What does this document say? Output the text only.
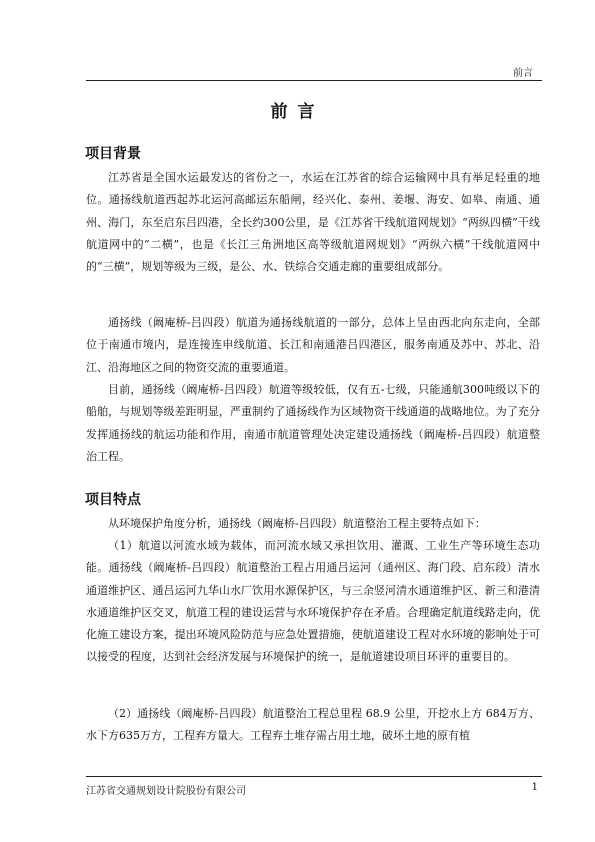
前言
前言
项目背景

江苏省是全国水运最发达的省份之一，水运在江苏省的综合运输网中具有举足轻重的地位。通扬线航道西起苏北运河高邮运东船闸，经兴化、泰州、姜堰、海安、如皋、南通、通州、海门，东至启东吕四港，全长约300公里，是《江苏省干线航道网规划》“两纵四横”干线航道网中的“二横”，也是《长江三角洲地区高等级航道网规划》“两纵六横”干线航道网中的“三横”，规划等级为三级，是公、水、铁综合交通走廊的重要组成部分。

通扬线（阚庵桥-吕四段）航道为通扬线航道的一部分，总体上呈由西北向东走向，全部位于南通市境内，是连接连申线航道、长江和南通港吕四港区，服务南通及苏中、苏北、沿江、沿海地区之间的物资交流的重要通道。

目前，通扬线（阚庵桥-吕四段）航道等级较低，仅有五-七级，只能通航300吨级以下的船舶，与规划等级差距明显，严重制约了通扬线作为区域物资干线通道的战略地位。为了充分发挥通扬线的航运功能和作用，南通市航道管理处决定建设通扬线（阚庵桥-吕四段）航道整治工程。

项目特点

从环境保护角度分析，通扬线（阚庵桥-吕四段）航道整治工程主要特点如下：

（1）航道以河流水域为载体，而河流水域又承担饮用、灌溉、工业生产等环境生态功能。通扬线（阚庵桥-吕四段）航道整治工程占用通吕运河（通州区、海门段、启东段）清水通道维护区、通吕运河九华山水厂饮用水源保护区，与三余竖河清水通道维护区、新三和港清水通道维护区交叉，航道工程的建设运营与水环境保护存在矛盾。合理确定航道线路走向，优化施工建设方案，提出环境风险防范与应急处置措施，使航道建设工程对水环境的影响处于可以接受的程度，达到社会经济发展与环境保护的统一，是航道建设项目环评的重要目的。

（2）通扬线（阚庵桥-吕四段）航道整治工程总里程 68.9 公里，开挖水上方 684万方、水下方635万方，工程弃方量大。工程弃土堆存需占用土地，破坏土地的原有植

江苏省交通规划设计院股份有限公司	1
